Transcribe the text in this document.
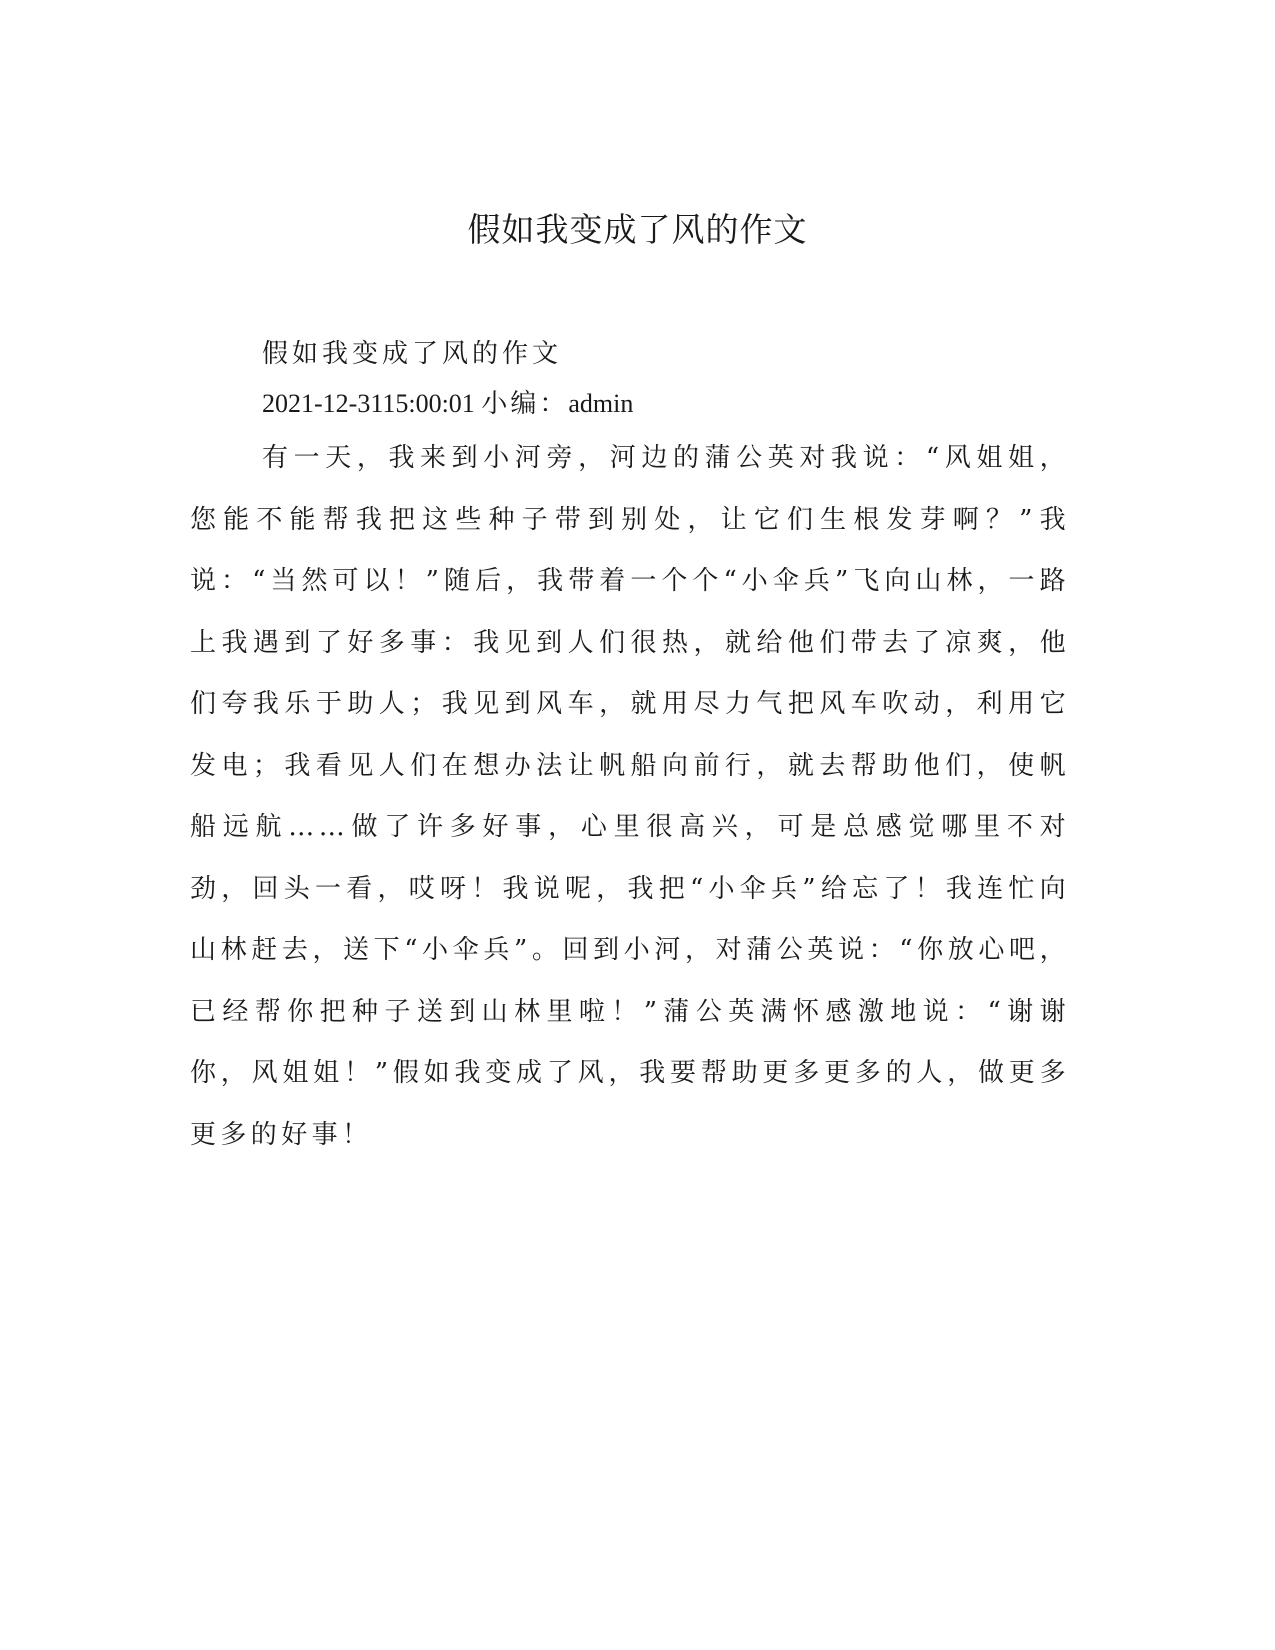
假如我变成了风的作文

假如我变成了风的作文

2021-12-3115:00:01 小编：admin

有一天，我来到小河旁，河边的蒲公英对我说：“风姐姐，您能不能帮我把这些种子带到别处，让它们生根发芽啊？”我说：“当然可以！”随后，我带着一个个“小伞兵”飞向山林，一路上我遇到了好多事：我见到人们很热，就给他们带去了凉爽，他们夸我乐于助人；我见到风车，就用尽力气把风车吹动，利用它发电；我看见人们在想办法让帆船向前行，就去帮助他们，使帆船远航……做了许多好事，心里很高兴，可是总感觉哪里不对劲，回头一看，哎呀！我说呢，我把“小伞兵”给忘了！我连忙向山林赶去，送下“小伞兵”。回到小河，对蒲公英说：“你放心吧，已经帮你把种子送到山林里啦！”蒲公英满怀感激地说：“谢谢你，风姐姐！”假如我变成了风，我要帮助更多更多的人，做更多更多的好事！
